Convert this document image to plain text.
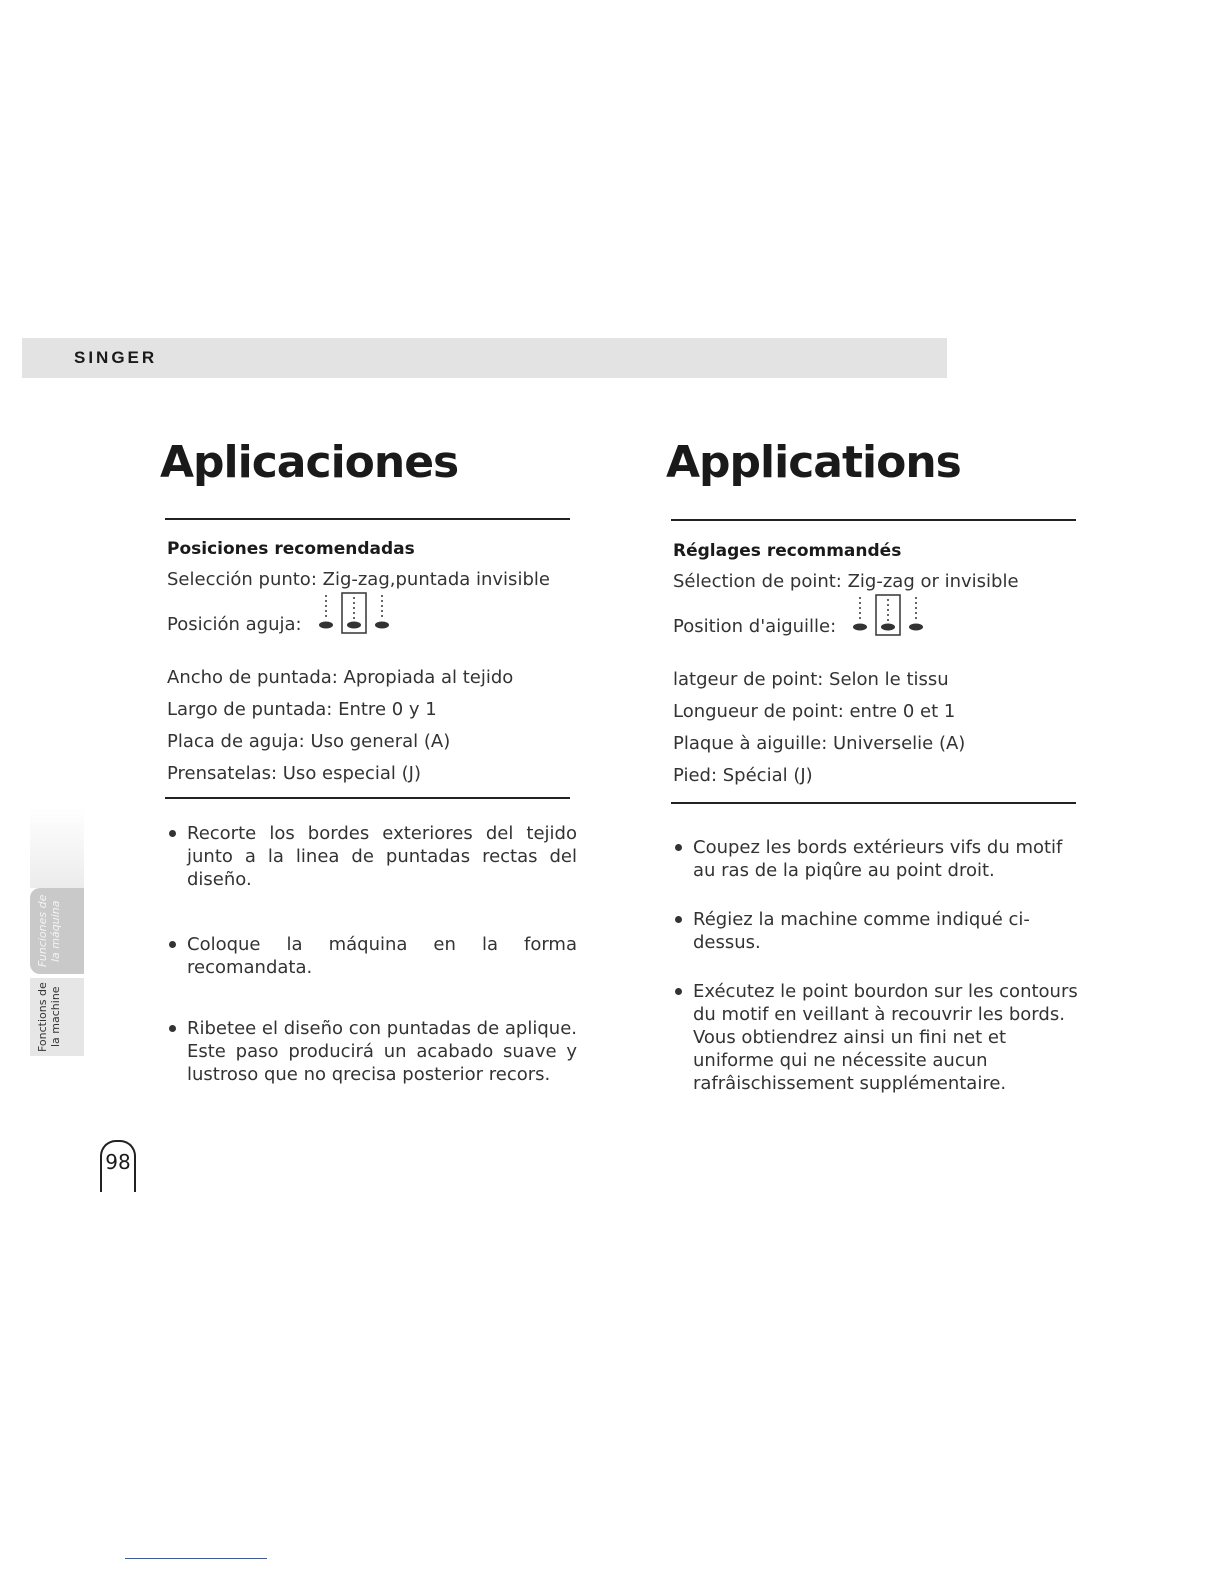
SINGER
Aplicaciones
Posiciones recomendadas
Selección punto: Zig-zag,puntada invisible
Posición aguja:
Ancho de puntada: Apropiada al tejido
Largo de puntada: Entre 0 y 1
Placa de aguja: Uso general (A)
Prensatelas: Uso especial (J)
Recorte los bordes exteriores del tejido junto a la linea de puntadas rectas del diseño.
Coloque la máquina en la forma recomandata.
Ribetee el diseño con puntadas de aplique. Este paso producirá un acabado suave y lustroso que no qrecisa posterior recors.
Applications
Réglages recommandés
Sélection de point: Zig-zag or invisible
Position d'aiguille:
latgeur de point: Selon le tissu
Longueur de point: entre 0 et 1
Plaque à aiguille: Universelie (A)
Pied: Spécial (J)
Coupez les bords extérieurs vifs du motif au ras de la piqûre au point droit.
Régiez la machine comme indiqué ci-dessus.
Exécutez le point bourdon sur les contours du motif en veillant à recouvrir les bords. Vous obtiendrez ainsi un fini net et uniforme qui ne nécessite aucun rafrâischissement supplémentaire.
Funciones de la máquina
Fonctions de la machine
98
